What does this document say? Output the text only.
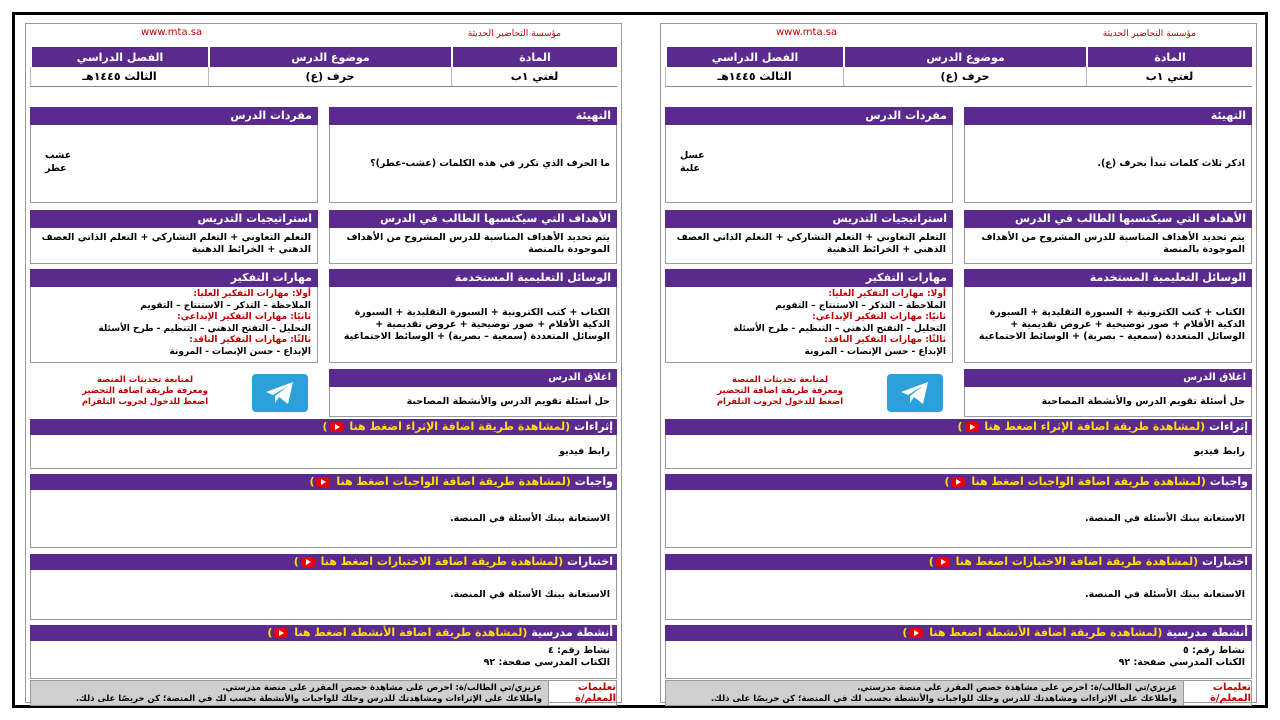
مؤسسة التحاضير الحديثة
www.mta.sa
المادة
موضوع الدرس
الفصل الدراسي
لغتي ١ب
حرف (ع)
الثالث ١٤٤٥هـ
التهيئة
اذكر ثلاث كلمات تبدأ بحرف (ع).
مفردات الدرس
عسل
علبة
الأهداف التي سيكتسبها الطالب في الدرس
يتم تحديد الأهداف المناسبة للدرس المشروح من الأهداف الموجودة بالمنصة
استراتيجيات التدريس
التعلم التعاوني + التعلم التشاركي + التعلم الذاتي العصف الذهني + الخرائط الذهنية
الوسائل التعليمية المستخدمة
الكتاب + كتب الكترونية + السبورة التقليدية + السبورة الذكية الأقلام + صور توضيحية + عروض تقديمية + الوسائل المتعددة (سمعية – بصرية) + الوسائط الاجتماعية
مهارات التفكير
أولا: مهارات التفكير العليا:
الملاحظة – التذكر – الاستنتاج – التقويم
ثانيًا: مهارات التفكير الإبداعي:
التحليل – التفتح الذهني – التنظيم - طرح الأسئلة
ثالثًا: مهارات التفكير الناقد:
الإبداع - حسن الإنصات - المرونة
اغلاق الدرس
حل أسئلة تقويم الدرس والأنشطة المصاحبة
لمتابعة تحديثات المنصة
ومعرفة طريقة اضافة التحضير
اضغط للدخول لجروب التلقرام
إثراءات (لمشاهدة طريقة اضافة الإثراء اضغط هنا )
رابط فيديو
واجبات (لمشاهدة طريقة اضافة الواجبات اضغط هنا )
الاستعانة ببنك الأسئلة في المنصة.
اختبارات (لمشاهدة طريقة اضافة الاختبارات اضغط هنا )
الاستعانة ببنك الأسئلة في المنصة.
أنشطة مدرسية (لمشاهدة طريقة اضافة الأنشطة اضغط هنا )
نشاط رقم: ٥
الكتاب المدرسي صفحة: ٩٢
تعليمات المعلم/ة
عزيزي/تي الطالب/ة: احرص على مشاهدة حصص المقرر على منصة مدرستي.
واطلاعك على الإثراءات ومشاهدتك للدرس وحلك للواجبات والأنشطة بحسب لك في المنصة؛ كن حريصًا على ذلك.
مؤسسة التحاضير الحديثة
www.mta.sa
المادة
موضوع الدرس
الفصل الدراسي
لغتي ١ب
حرف (ع)
الثالث ١٤٤٥هـ
التهيئة
ما الحرف الذي تكرر في هذه الكلمات (عشب-عطر)؟
مفردات الدرس
عشب
عطر
الأهداف التي سيكتسبها الطالب في الدرس
يتم تحديد الأهداف المناسبة للدرس المشروح من الأهداف الموجودة بالمنصة
استراتيجيات التدريس
التعلم التعاوني + التعلم التشاركي + التعلم الذاتي العصف الذهني + الخرائط الذهنية
الوسائل التعليمية المستخدمة
الكتاب + كتب الكترونية + السبورة التقليدية + السبورة الذكية الأقلام + صور توضيحية + عروض تقديمية + الوسائل المتعددة (سمعية – بصرية) + الوسائط الاجتماعية
مهارات التفكير
أولا: مهارات التفكير العليا:
الملاحظة – التذكر – الاستنتاج – التقويم
ثانيًا: مهارات التفكير الإبداعي:
التحليل – التفتح الذهني – التنظيم - طرح الأسئلة
ثالثًا: مهارات التفكير الناقد:
الإبداع - حسن الإنصات - المرونة
اغلاق الدرس
حل أسئلة تقويم الدرس والأنشطة المصاحبة
لمتابعة تحديثات المنصة
ومعرفة طريقة اضافة التحضير
اضغط للدخول لجروب التلقرام
إثراءات (لمشاهدة طريقة اضافة الإثراء اضغط هنا )
رابط فيديو
واجبات (لمشاهدة طريقة اضافة الواجبات اضغط هنا )
الاستعانة ببنك الأسئلة في المنصة.
اختبارات (لمشاهدة طريقة اضافة الاختبارات اضغط هنا )
الاستعانة ببنك الأسئلة في المنصة.
أنشطة مدرسية (لمشاهدة طريقة اضافة الأنشطة اضغط هنا )
نشاط رقم: ٤
الكتاب المدرسي صفحة: ٩٢
تعليمات المعلم/ة
عزيزي/تي الطالب/ة: احرص على مشاهدة حصص المقرر على منصة مدرستي.
واطلاعك على الإثراءات ومشاهدتك للدرس وحلك للواجبات والأنشطة بحسب لك في المنصة؛ كن حريصًا على ذلك.
